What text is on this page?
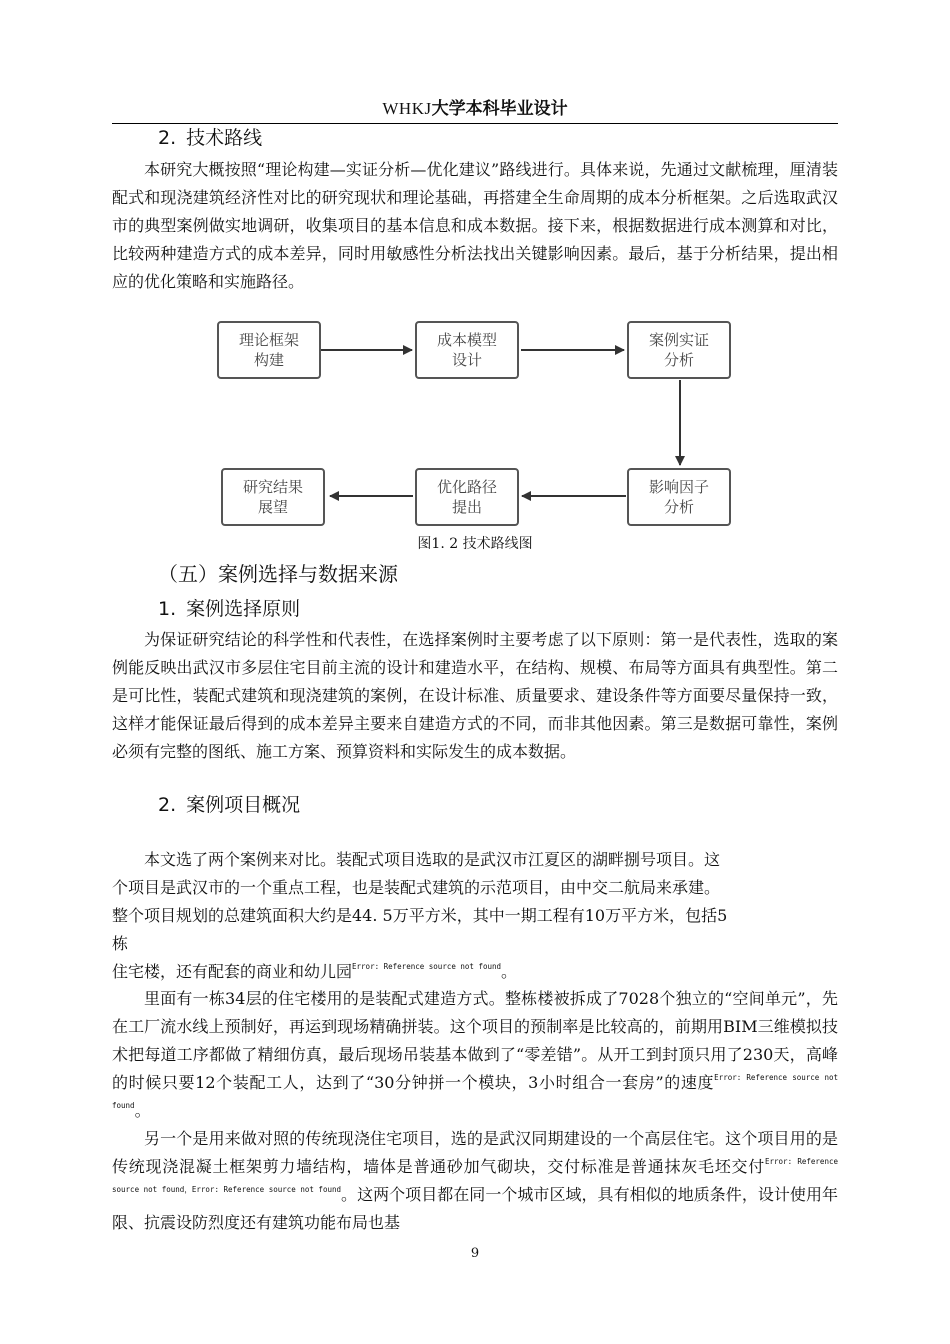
WHKJ大学本科毕业设计
2. 技术路线

本研究大概按照“理论构建—实证分析—优化建议”路线进行。具体来说，先通过文献梳理，厘清装配式和现浇建筑经济性对比的研究现状和理论基础，再搭建全生命周期的成本分析框架。之后选取武汉市的典型案例做实地调研，收集项目的基本信息和成本数据。接下来，根据数据进行成本测算和对比，比较两种建造方式的成本差异，同时用敏感性分析法找出关键影响因素。最后，基于分析结果，提出相应的优化策略和实施路径。

理论框架
构建
成本模型
设计
案例实证
分析
影响因子
分析
优化路径
提出
研究结果
展望
图1. 2 技术路线图
（五）案例选择与数据来源
1. 案例选择原则

为保证研究结论的科学性和代表性，在选择案例时主要考虑了以下原则：第一是代表性，选取的案例能反映出武汉市多层住宅目前主流的设计和建造水平，在结构、规模、布局等方面具有典型性。第二是可比性，装配式建筑和现浇建筑的案例，在设计标准、质量要求、建设条件等方面要尽量保持一致，这样才能保证最后得到的成本差异主要来自建造方式的不同，而非其他因素。第三是数据可靠性，案例必须有完整的图纸、施工方案、预算资料和实际发生的成本数据。

2. 案例项目概况
本文选了两个案例来对比。装配式项目选取的是武汉市江夏区的湖畔捌号项目。这
个项目是武汉市的一个重点工程，也是装配式建筑的示范项目，由中交二航局来承建。
整个项目规划的总建筑面积大约是44. 5万平方米，其中一期工程有10万平方米，包括5
栋
住宅楼，还有配套的商业和幼儿园$^{Error: Reference source not found}$。

里面有一栋34层的住宅楼用的是装配式建造方式。整栋楼被拆成了7028个独立的“空间单元”，先在工厂流水线上预制好，再运到现场精确拼装。这个项目的预制率是比较高的，前期用BIM三维模拟技术把每道工序都做了精细仿真，最后现场吊装基本做到了“零差错”。从开工到封顶只用了230天，高峰的时候只要12个装配工人，达到了“30分钟拼一个模块，3小时组合一套房”的速度$^{Error: Reference source not found}$。

另一个是用来做对照的传统现浇住宅项目，选的是武汉同期建设的一个高层住宅。这个项目用的是传统现浇混凝土框架剪力墙结构，墙体是普通砂加气砌块，交付标准是普通抹灰毛坯交付$^{Error: Reference source not found,Error: Reference source not found}$。这两个项目都在同一个城市区域，具有相似的地质条件，设计使用年限、抗震设防烈度还有建筑功能布局也基

9
